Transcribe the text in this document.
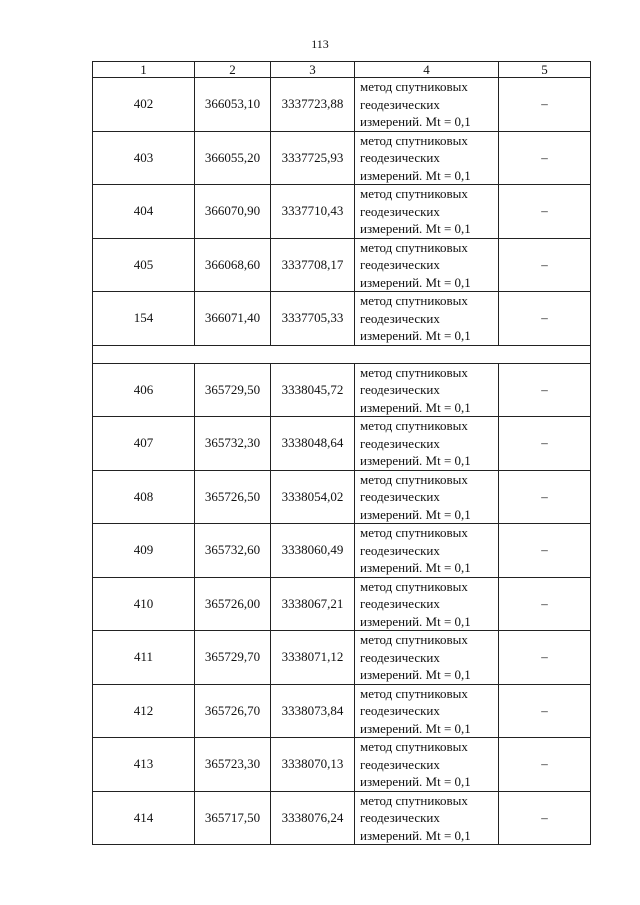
113
1	2	3	4	5
402	366053,10	3337723,88	метод спутниковых
геодезических
измерений. Mt = 0,1	–
403	366055,20	3337725,93	метод спутниковых
геодезических
измерений. Mt = 0,1	–
404	366070,90	3337710,43	метод спутниковых
геодезических
измерений. Mt = 0,1	–
405	366068,60	3337708,17	метод спутниковых
геодезических
измерений. Mt = 0,1	–
154	366071,40	3337705,33	метод спутниковых
геодезических
измерений. Mt = 0,1	–

406	365729,50	3338045,72	метод спутниковых
геодезических
измерений. Mt = 0,1	–
407	365732,30	3338048,64	метод спутниковых
геодезических
измерений. Mt = 0,1	–
408	365726,50	3338054,02	метод спутниковых
геодезических
измерений. Mt = 0,1	–
409	365732,60	3338060,49	метод спутниковых
геодезических
измерений. Mt = 0,1	–
410	365726,00	3338067,21	метод спутниковых
геодезических
измерений. Mt = 0,1	–
411	365729,70	3338071,12	метод спутниковых
геодезических
измерений. Mt = 0,1	–
412	365726,70	3338073,84	метод спутниковых
геодезических
измерений. Mt = 0,1	–
413	365723,30	3338070,13	метод спутниковых
геодезических
измерений. Mt = 0,1	–
414	365717,50	3338076,24	метод спутниковых
геодезических
измерений. Mt = 0,1	–
